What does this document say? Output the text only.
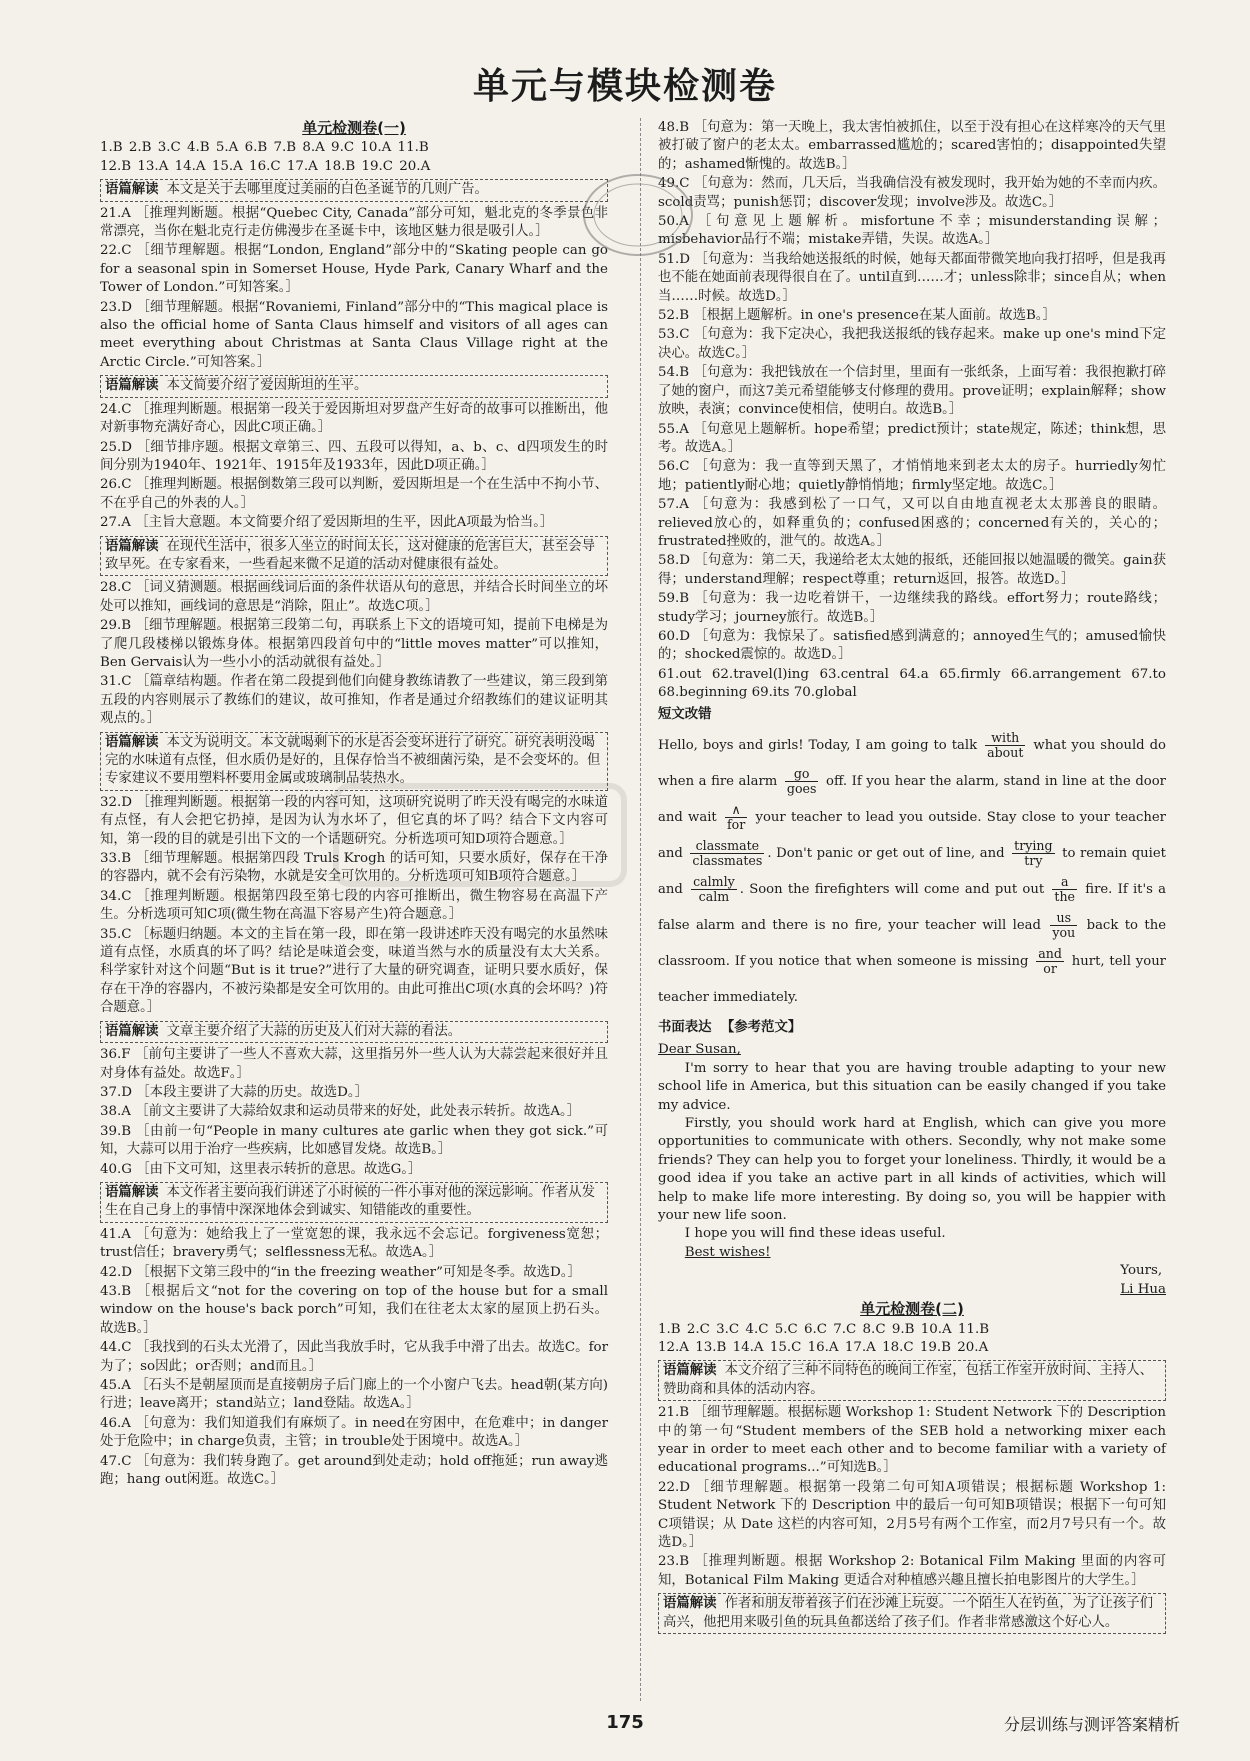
单元与模块检测卷
单元检测卷(一)
1.B 2.B 3.C 4.B 5.A 6.B 7.B 8.A 9.C 10.A 11.B
12.B 13.A 14.A 15.A 16.C 17.A 18.B 19.C 20.A
语篇解读 本文是关于去哪里度过美丽的白色圣诞节的几则广告。
21.A ［推理判断题。根据“Quebec City, Canada”部分可知，魁北克的冬季景色非常漂亮，当你在魁北克行走仿佛漫步在圣诞卡中，该地区魅力很是吸引人。］
22.C ［细节理解题。根据“London, England”部分中的“Skating people can go for a seasonal spin in Somerset House, Hyde Park, Canary Wharf and the Tower of London.”可知答案。］
23.D ［细节理解题。根据“Rovaniemi, Finland”部分中的“This magical place is also the official home of Santa Claus himself and visitors of all ages can meet everything about Christmas at Santa Claus Village right at the Arctic Circle.”可知答案。］
语篇解读 本文简要介绍了爱因斯坦的生平。
24.C ［推理判断题。根据第一段关于爱因斯坦对罗盘产生好奇的故事可以推断出，他对新事物充满好奇心，因此C项正确。］
25.D ［细节排序题。根据文章第三、四、五段可以得知，a、b、c、d四项发生的时间分别为1940年、1921年、1915年及1933年，因此D项正确。］
26.C ［推理判断题。根据倒数第三段可以判断，爱因斯坦是一个在生活中不拘小节、不在乎自己的外表的人。］
27.A ［主旨大意题。本文简要介绍了爱因斯坦的生平，因此A项最为恰当。］
语篇解读 在现代生活中，很多人坐立的时间太长，这对健康的危害巨大，甚至会导致早死。在专家看来，一些看起来微不足道的活动对健康很有益处。
28.C ［词义猜测题。根据画线词后面的条件状语从句的意思，并结合长时间坐立的坏处可以推知，画线词的意思是“消除，阻止”。故选C项。］
29.B ［细节理解题。根据第三段第二句，再联系上下文的语境可知，提前下电梯是为了爬几段楼梯以锻炼身体。根据第四段首句中的“little moves matter”可以推知，Ben Gervais认为一些小小的活动就很有益处。］
31.C ［篇章结构题。作者在第二段提到他们向健身教练请教了一些建议，第三段到第五段的内容则展示了教练们的建议，故可推知，作者是通过介绍教练们的建议证明其观点的。］
语篇解读 本文为说明文。本文就喝剩下的水是否会变坏进行了研究。研究表明没喝完的水味道有点怪，但水质仍是好的，且保存恰当不被细菌污染，是不会变坏的。但专家建议不要用塑料杯要用金属或玻璃制品装热水。
32.D ［推理判断题。根据第一段的内容可知，这项研究说明了昨天没有喝完的水味道有点怪，有人会把它扔掉，是因为认为水坏了，但它真的坏了吗？结合下文内容可知，第一段的目的就是引出下文的一个话题研究。分析选项可知D项符合题意。］
33.B ［细节理解题。根据第四段 Truls Krogh 的话可知，只要水质好，保存在干净的容器内，就不会有污染物，水就是安全可饮用的。分析选项可知B项符合题意。］
34.C ［推理判断题。根据第四段至第七段的内容可推断出，微生物容易在高温下产生。分析选项可知C项(微生物在高温下容易产生)符合题意。］
35.C ［标题归纳题。本文的主旨在第一段，即在第一段讲述昨天没有喝完的水虽然味道有点怪，水质真的坏了吗？结论是味道会变，味道当然与水的质量没有太大关系。科学家针对这个问题“But is it true?”进行了大量的研究调查，证明只要水质好，保存在干净的容器内，不被污染都是安全可饮用的。由此可推出C项(水真的会坏吗？)符合题意。］
语篇解读 文章主要介绍了大蒜的历史及人们对大蒜的看法。
36.F ［前句主要讲了一些人不喜欢大蒜，这里指另外一些人认为大蒜尝起来很好并且对身体有益处。故选F。］
37.D ［本段主要讲了大蒜的历史。故选D。］
38.A ［前文主要讲了大蒜给奴隶和运动员带来的好处，此处表示转折。故选A。］
39.B ［由前一句“People in many cultures ate garlic when they got sick.”可知，大蒜可以用于治疗一些疾病，比如感冒发烧。故选B。］
40.G ［由下文可知，这里表示转折的意思。故选G。］
语篇解读 本文作者主要向我们讲述了小时候的一件小事对他的深远影响。作者从发生在自己身上的事情中深深地体会到诚实、知错能改的重要性。
41.A ［句意为：她给我上了一堂宽恕的课，我永远不会忘记。forgiveness宽恕；trust信任；bravery勇气；selflessness无私。故选A。］
42.D ［根据下文第三段中的“in the freezing weather”可知是冬季。故选D。］
43.B ［根据后文“not for the covering on top of the house but for a small window on the house's back porch”可知，我们在往老太太家的屋顶上扔石头。故选B。］
44.C ［我找到的石头太光滑了，因此当我放手时，它从我手中滑了出去。故选C。for为了；so因此；or否则；and而且。］
45.A ［石头不是朝屋顶而是直接朝房子后门廊上的一个小窗户飞去。head朝(某方向)行进；leave离开；stand站立；land登陆。故选A。］
46.A ［句意为：我们知道我们有麻烦了。in need在穷困中，在危难中；in danger处于危险中；in charge负责，主管；in trouble处于困境中。故选A。］
47.C ［句意为：我们转身跑了。get around到处走动；hold off拖延；run away逃跑；hang out闲逛。故选C。］
48.B ［句意为：第一天晚上，我太害怕被抓住，以至于没有担心在这样寒冷的天气里被打破了窗户的老太太。embarrassed尴尬的；scared害怕的；disappointed失望的；ashamed惭愧的。故选B。］
49.C ［句意为：然而，几天后，当我确信没有被发现时，我开始为她的不幸而内疚。scold责骂；punish惩罚；discover发现；involve涉及。故选C。］
50.A ［句意见上题解析。misfortune不幸；misunderstanding误解；misbehavior品行不端；mistake弄错，失误。故选A。］
51.D ［句意为：当我给她送报纸的时候，她每天都面带微笑地向我打招呼，但是我再也不能在她面前表现得很自在了。until直到……才；unless除非；since自从；when当……时候。故选D。］
52.B ［根据上题解析。in one's presence在某人面前。故选B。］
53.C ［句意为：我下定决心，我把我送报纸的钱存起来。make up one's mind下定决心。故选C。］
54.B ［句意为：我把钱放在一个信封里，里面有一张纸条，上面写着：我很抱歉打碎了她的窗户，而这7美元希望能够支付修理的费用。prove证明；explain解释；show放映，表演；convince使相信，使明白。故选B。］
55.A ［句意见上题解析。hope希望；predict预计；state规定，陈述；think想，思考。故选A。］
56.C ［句意为：我一直等到天黑了，才悄悄地来到老太太的房子。hurriedly匆忙地；patiently耐心地；quietly静悄悄地；firmly坚定地。故选C。］
57.A ［句意为：我感到松了一口气，又可以自由地直视老太太那善良的眼睛。relieved放心的，如释重负的；confused困惑的；concerned有关的，关心的；frustrated挫败的，泄气的。故选A。］
58.D ［句意为：第二天，我递给老太太她的报纸，还能回报以她温暖的微笑。gain获得；understand理解；respect尊重；return返回，报答。故选D。］
59.B ［句意为：我一边吃着饼干，一边继续我的路线。effort努力；route路线；study学习；journey旅行。故选B。］
60.D ［句意为：我惊呆了。satisfied感到满意的；annoyed生气的；amused愉快的；shocked震惊的。故选D。］
61.out 62.travel(l)ing 63.central 64.a 65.firmly 66.arrangement 67.to 68.beginning 69.its 70.global
短文改错
Hello, boys and girls! Today, I am going to talk
with
about what you should do when a fire alarm
go
goes off. If you hear the alarm, stand in line at the door and wait
∧
for your teacher to lead you outside. Stay close to your teacher and
classmate
classmates . Don't panic or get out of line, and
trying
try	to remain quiet and
calmly
calm . Soon the firefighters will come and put out
a
the fire. If it's a false alarm and there is no fire, your teacher will lead
us
you back to the classroom. If you notice that when someone is missing
and
or hurt, tell your teacher immediately.
书面表达 【参考范文】

Dear Susan,

I'm sorry to hear that you are having trouble adapting to your new school life in America, but this situation can be easily changed if you take my advice.

Firstly, you should work hard at English, which can give you more opportunities to communicate with others. Secondly, why not make some friends? They can help you to forget your loneliness. Thirdly, it would be a good idea if you take an active part in all kinds of activities, which will help to make life more interesting. By doing so, you will be happier with your new life soon.

I hope you will find these ideas useful.

Best wishes!

Yours,
Li Hua

单元检测卷(二)
1.B 2.C 3.C 4.C 5.C 6.C 7.C 8.C 9.B 10.A 11.B
12.A 13.B 14.A 15.C 16.A 17.A 18.C 19.B 20.A
语篇解读 本文介绍了三种不同特色的晚间工作室，包括工作室开放时间、主持人、赞助商和具体的活动内容。
21.B ［细节理解题。根据标题 Workshop 1: Student Network 下的 Description 中的第一句“Student members of the SEB hold a networking mixer each year in order to meet each other and to become familiar with a variety of educational programs...”可知选B。］
22.D ［细节理解题。根据第一段第二句可知A项错误；根据标题 Workshop 1: Student Network 下的 Description 中的最后一句可知B项错误；根据下一句可知C项错误；从 Date 这栏的内容可知，2月5号有两个工作室，而2月7号只有一个。故选D。］
23.B ［推理判断题。根据 Workshop 2: Botanical Film Making 里面的内容可知，Botanical Film Making 更适合对种植感兴趣且擅长拍电影图片的大学生。］
语篇解读 作者和朋友带着孩子们在沙滩上玩耍。一个陌生人在钓鱼，为了让孩子们高兴，他把用来吸引鱼的玩具鱼都送给了孩子们。作者非常感激这个好心人。
175	分层训练与测评答案精析
